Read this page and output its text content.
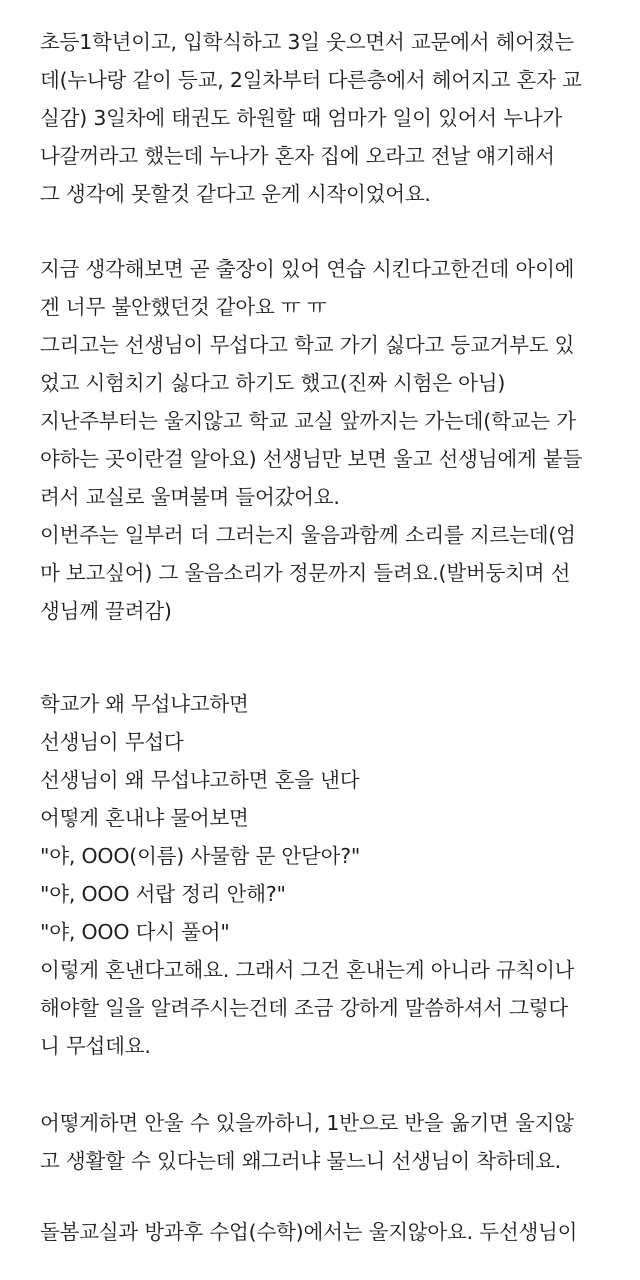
초등1학년이고, 입학식하고 3일 웃으면서 교문에서 헤어졌는
데(누나랑 같이 등교, 2일차부터 다른층에서 헤어지고 혼자 교
실감) 3일차에 태권도 하원할 때 엄마가 일이 있어서 누나가
나갈꺼라고 했는데 누나가 혼자 집에 오라고 전날 얘기해서
그 생각에 못할것 같다고 운게 시작이었어요.
지금 생각해보면 곧 출장이 있어 연습 시킨다고한건데 아이에
겐 너무 불안했던것 같아요 ㅠ ㅠ
그리고는 선생님이 무섭다고 학교 가기 싫다고 등교거부도 있
었고 시험치기 싫다고 하기도 했고(진짜 시험은 아님)
지난주부터는 울지않고 학교 교실 앞까지는 가는데(학교는 가
야하는 곳이란걸 알아요) 선생님만 보면 울고 선생님에게 붙들
려서 교실로 울며불며 들어갔어요.
이번주는 일부러 더 그러는지 울음과함께 소리를 지르는데(엄
마 보고싶어) 그 울음소리가 정문까지 들려요.(발버둥치며 선
생님께 끌려감)
학교가 왜 무섭냐고하면
선생님이 무섭다
선생님이 왜 무섭냐고하면 혼을 낸다
어떻게 혼내냐 물어보면
"야, OOO(이름) 사물함 문 안닫아?"
"야, OOO 서랍 정리 안해?"
"야, OOO 다시 풀어"
이렇게 혼낸다고해요. 그래서 그건 혼내는게 아니라 규칙이나
해야할 일을 알려주시는건데 조금 강하게 말씀하셔서 그렇다
니 무섭데요.
어떻게하면 안울 수 있을까하니, 1반으로 반을 옮기면 울지않
고 생활할 수 있다는데 왜그러냐 물느니 선생님이 착하데요.
돌봄교실과 방과후 수업(수학)에서는 울지않아요. 두선생님이
